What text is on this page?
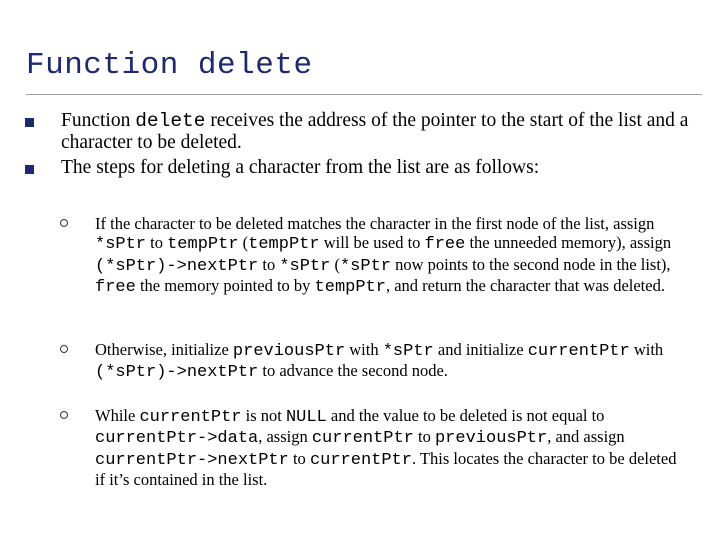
Function delete
Function delete receives the address of the pointer to the start of the list and a character to be deleted.
The steps for deleting a character from the list are as follows:
If the character to be deleted matches the character in the first node of the list, assign *sPtr to tempPtr (tempPtr will be used to free the unneeded memory), assign (*sPtr)->nextPtr to *sPtr (*sPtr now points to the second node in the list), free the memory pointed to by tempPtr, and return the character that was deleted.
Otherwise, initialize previousPtr with *sPtr and initialize currentPtr with (*sPtr)->nextPtr to advance the second node.
While currentPtr is not NULL and the value to be deleted is not equal to currentPtr->data, assign currentPtr to previousPtr, and assign currentPtr->nextPtr to currentPtr. This locates the character to be deleted if it’s contained in the list.
